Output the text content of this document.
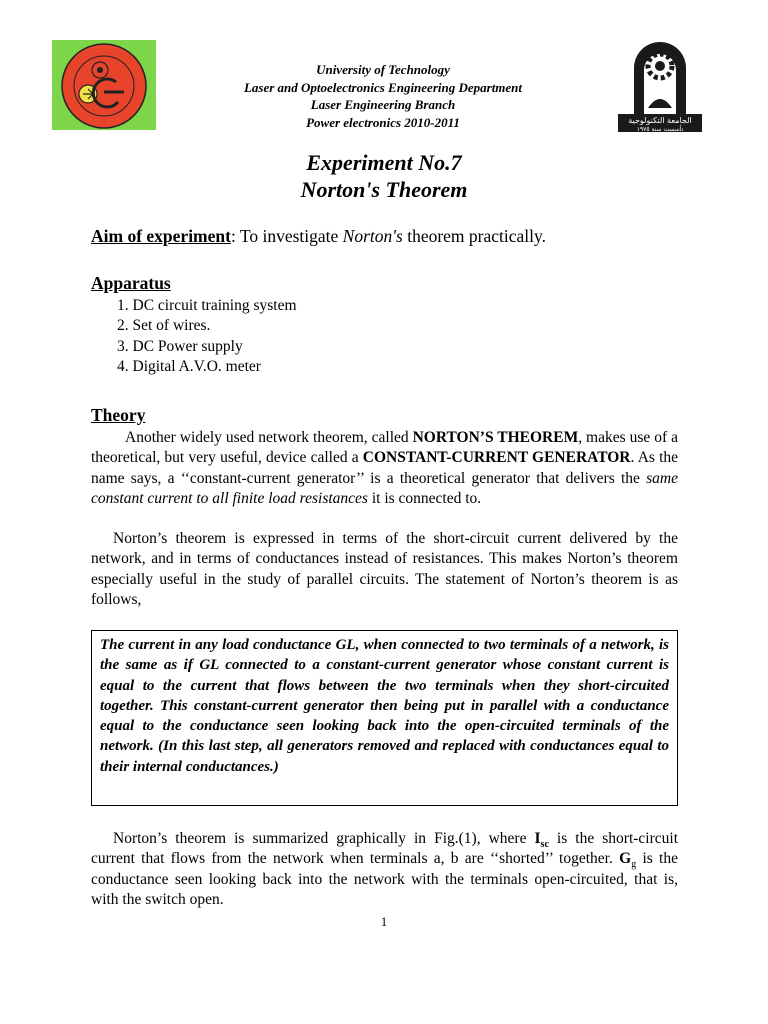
الجامعة التكنولوجية
تأسست سنة ١٩٧٥
University of Technology
Laser and Optoelectronics Engineering Department
Laser Engineering Branch
Power electronics 2010-2011
Experiment No.7
Norton's Theorem
Aim of experiment: To investigate Norton's theorem practically.
Apparatus
1. DC circuit training system
2. Set of wires.
3. DC Power supply
4. Digital A.V.O. meter
Theory
Another widely used network theorem, called NORTON’S THEOREM, makes use of a theoretical, but very useful, device called a CONSTANT-CURRENT GENERATOR. As the name says, a ‘‘constant-current generator’’ is a theoretical generator that delivers the same constant current to all finite load resistances it is connected to.
Norton’s theorem is expressed in terms of the short-circuit current delivered by the network, and in terms of conductances instead of resistances. This makes Norton’s theorem especially useful in the study of parallel circuits. The statement of Norton’s theorem is as follows,
The current in any load conductance GL, when connected to two terminals of a network, is the same as if GL connected to a constant-current generator whose constant current is equal to the current that flows between the two terminals when they short-circuited together. This constant-current generator then being put in parallel with a conductance equal to the conductance seen looking back into the open-circuited terminals of the network. (In this last step, all generators removed and replaced with conductances equal to their internal conductances.)
Norton’s theorem is summarized graphically in Fig.(1), where $I_{sc}$ is the short-circuit current that flows from the network when terminals a, b are ‘‘shorted’’ together. $G_g$ is the conductance seen looking back into the network with the terminals open-circuited, that is, with the switch open.
1
